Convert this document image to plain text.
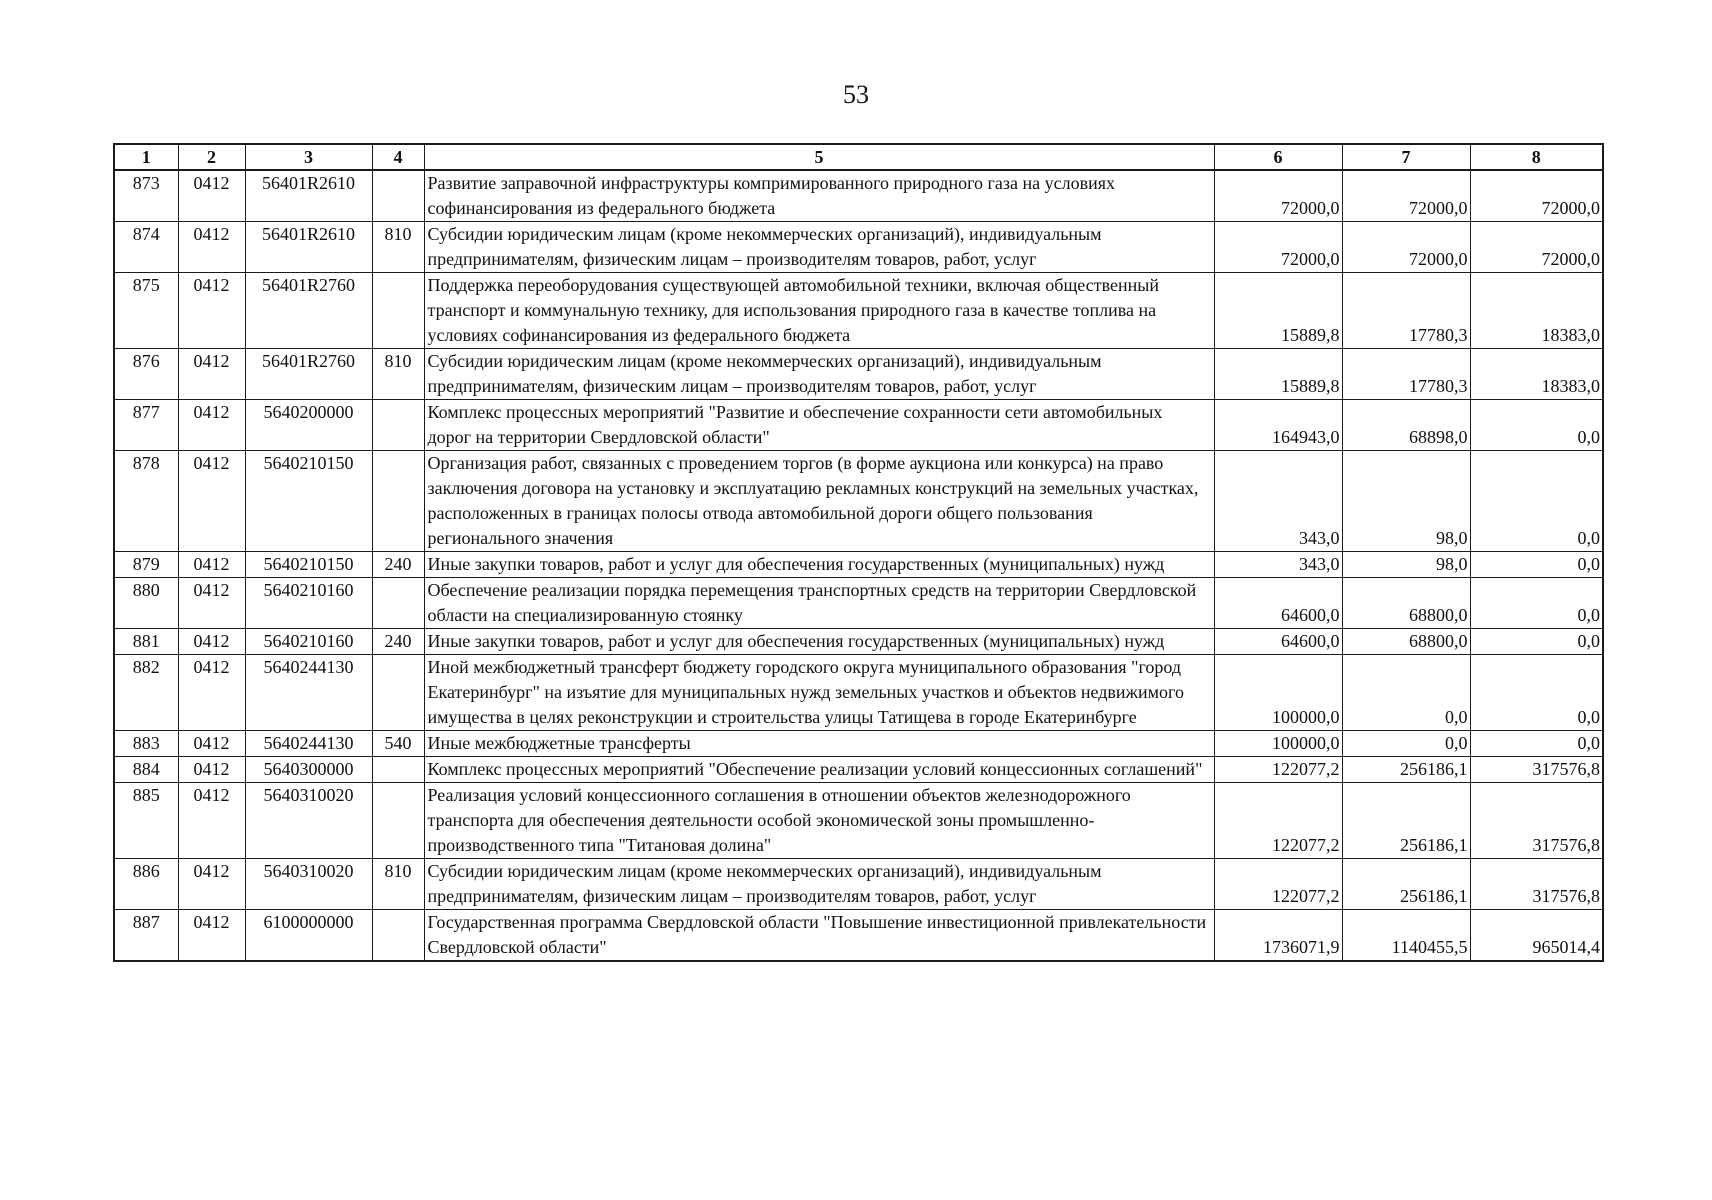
53
1	2	3	4	5	6	7	8
873	0412	56401R2610		Развитие заправочной инфраструктуры компримированного природного газа на условиях софинансирования из федерального бюджета	72000,0	72000,0	72000,0
874	0412	56401R2610	810	Субсидии юридическим лицам (кроме некоммерческих организаций), индивидуальным предпринимателям, физическим лицам – производителям товаров, работ, услуг	72000,0	72000,0	72000,0
875	0412	56401R2760		Поддержка переоборудования существующей автомобильной техники, включая общественный транспорт и коммунальную технику, для использования природного газа в качестве топлива на условиях софинансирования из федерального бюджета	15889,8	17780,3	18383,0
876	0412	56401R2760	810	Субсидии юридическим лицам (кроме некоммерческих организаций), индивидуальным предпринимателям, физическим лицам – производителям товаров, работ, услуг	15889,8	17780,3	18383,0
877	0412	5640200000		Комплекс процессных мероприятий "Развитие и обеспечение сохранности сети автомобильных дорог на территории Свердловской области"	164943,0	68898,0	0,0
878	0412	5640210150		Организация работ, связанных с проведением торгов (в форме аукциона или конкурса) на право заключения договора на установку и эксплуатацию рекламных конструкций на земельных участках, расположенных в границах полосы отвода автомобильной дороги общего пользования регионального значения	343,0	98,0	0,0
879	0412	5640210150	240	Иные закупки товаров, работ и услуг для обеспечения государственных (муниципальных) нужд	343,0	98,0	0,0
880	0412	5640210160		Обеспечение реализации порядка перемещения транспортных средств на территории Свердловской области на специализированную стоянку	64600,0	68800,0	0,0
881	0412	5640210160	240	Иные закупки товаров, работ и услуг для обеспечения государственных (муниципальных) нужд	64600,0	68800,0	0,0
882	0412	5640244130		Иной межбюджетный трансферт бюджету городского округа муниципального образования "город Екатеринбург" на изъятие для муниципальных нужд земельных участков и объектов недвижимого имущества в целях реконструкции и строительства улицы Татищева в городе Екатеринбурге	100000,0	0,0	0,0
883	0412	5640244130	540	Иные межбюджетные трансферты	100000,0	0,0	0,0
884	0412	5640300000		Комплекс процессных мероприятий "Обеспечение реализации условий концессионных соглашений"	122077,2	256186,1	317576,8
885	0412	5640310020		Реализация условий концессионного соглашения в отношении объектов железнодорожного транспорта для обеспечения деятельности особой экономической зоны промышленно-производственного типа "Титановая долина"	122077,2	256186,1	317576,8
886	0412	5640310020	810	Субсидии юридическим лицам (кроме некоммерческих организаций), индивидуальным предпринимателям, физическим лицам – производителям товаров, работ, услуг	122077,2	256186,1	317576,8
887	0412	6100000000		Государственная программа Свердловской области "Повышение инвестиционной привлекательности Свердловской области"	1736071,9	1140455,5	965014,4
